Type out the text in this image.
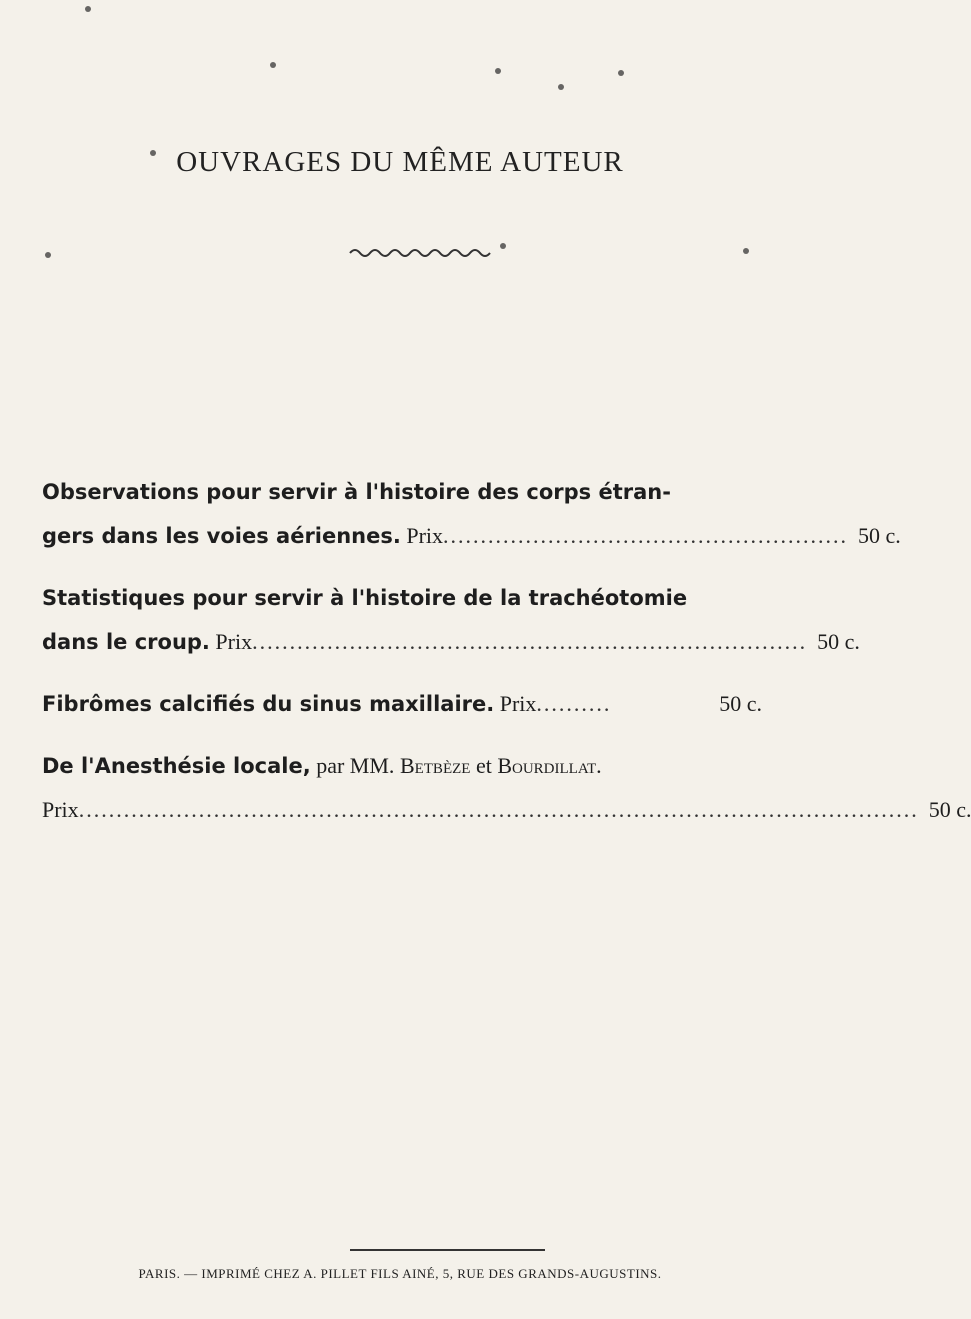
OUVRAGES DU MÊME AUTEUR
Observations pour servir à l'histoire des corps étran-
gers dans les voies aériennes.
Prix ...................................................... 50 c.
Statistiques pour servir à l'histoire de la trachéotomie
dans le croup.
Prix .......................................................................... 50 c.
Fibrômes calcifiés du sinus maxillaire.
Prix ..........	50 c.
De l'Anesthésie locale,
par MM.
Betbèze
et
Bourdillat.
Prix ................................................................................................................ 50 c.
PARIS. — IMPRIMÉ CHEZ A. PILLET FILS AINÉ, 5, RUE DES GRANDS-AUGUSTINS.
